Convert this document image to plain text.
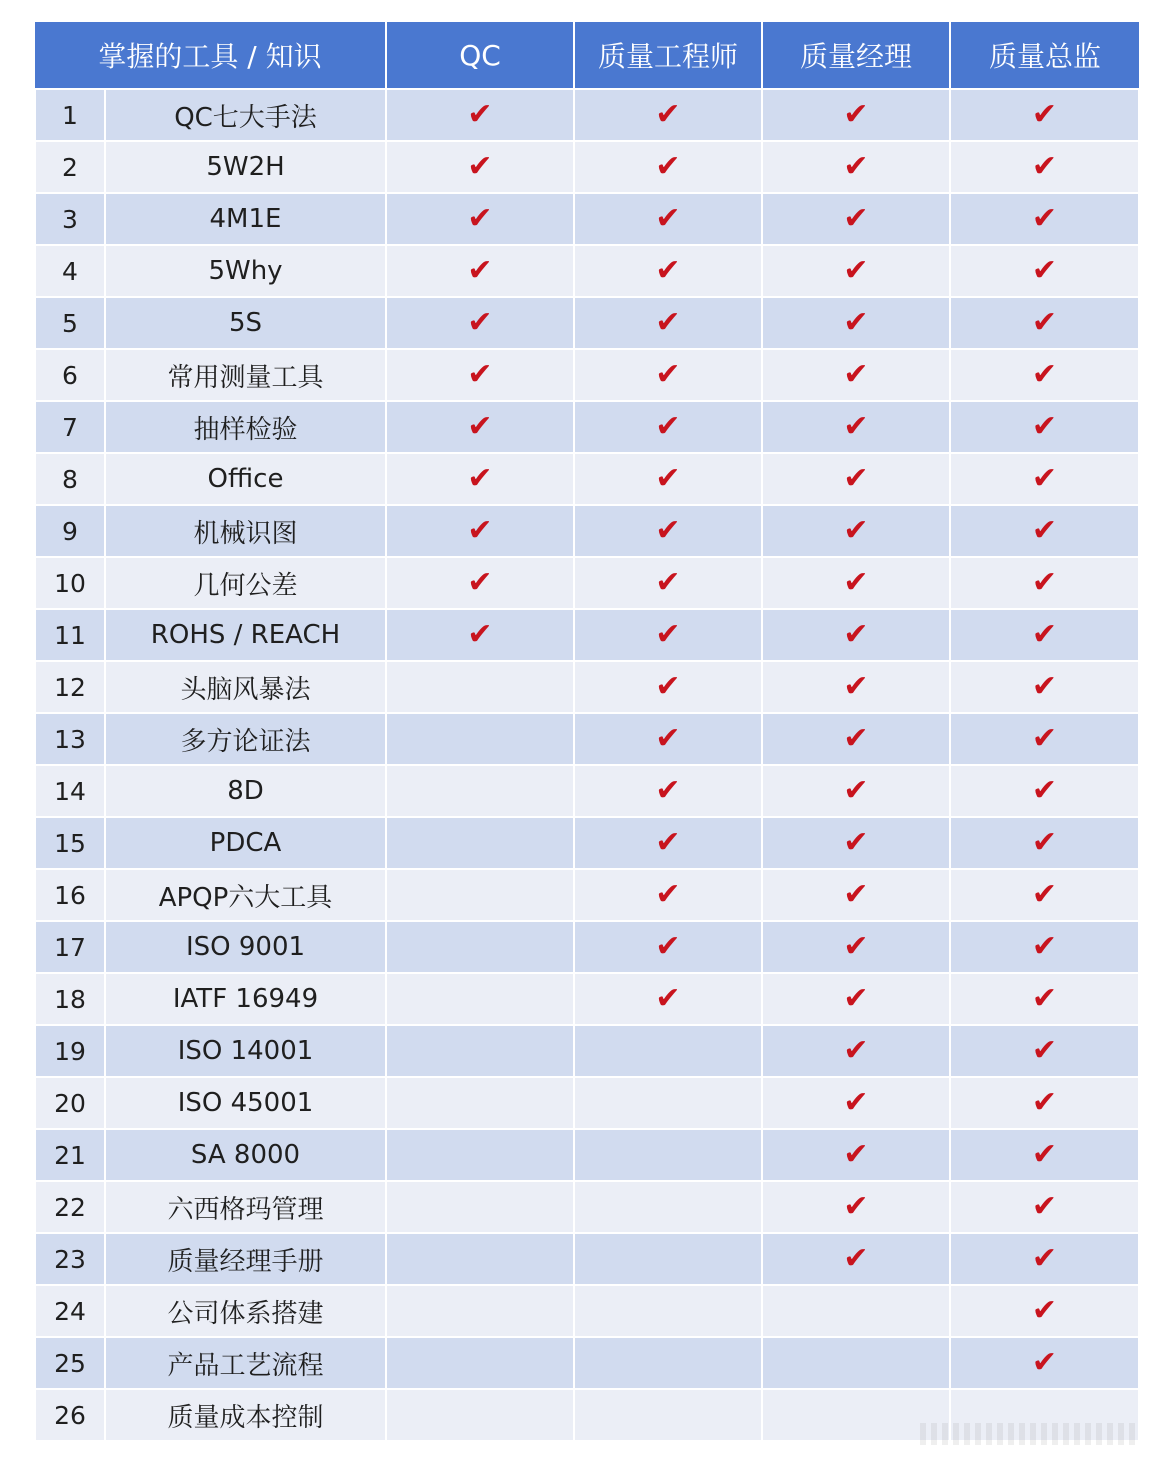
掌握的工具 / 知识		QC	质量工程师	质量经理	质量总监
1	QC七大手法	✔	✔	✔	✔
2	5W2H	✔	✔	✔	✔
3	4M1E	✔	✔	✔	✔
4	5Why	✔	✔	✔	✔
5	5S	✔	✔	✔	✔
6	常用测量工具	✔	✔	✔	✔
7	抽样检验	✔	✔	✔	✔
8	Office	✔	✔	✔	✔
9	机械识图	✔	✔	✔	✔
10	几何公差	✔	✔	✔	✔
11	ROHS / REACH	✔	✔	✔	✔
12	头脑风暴法		✔	✔	✔
13	多方论证法		✔	✔	✔
14	8D		✔	✔	✔
15	PDCA		✔	✔	✔
16	APQP六大工具		✔	✔	✔
17	ISO 9001		✔	✔	✔
18	IATF 16949		✔	✔	✔
19	ISO 14001			✔	✔
20	ISO 45001			✔	✔
21	SA 8000			✔	✔
22	六西格玛管理			✔	✔
23	质量经理手册			✔	✔
24	公司体系搭建				✔
25	产品工艺流程				✔
26	质量成本控制				
